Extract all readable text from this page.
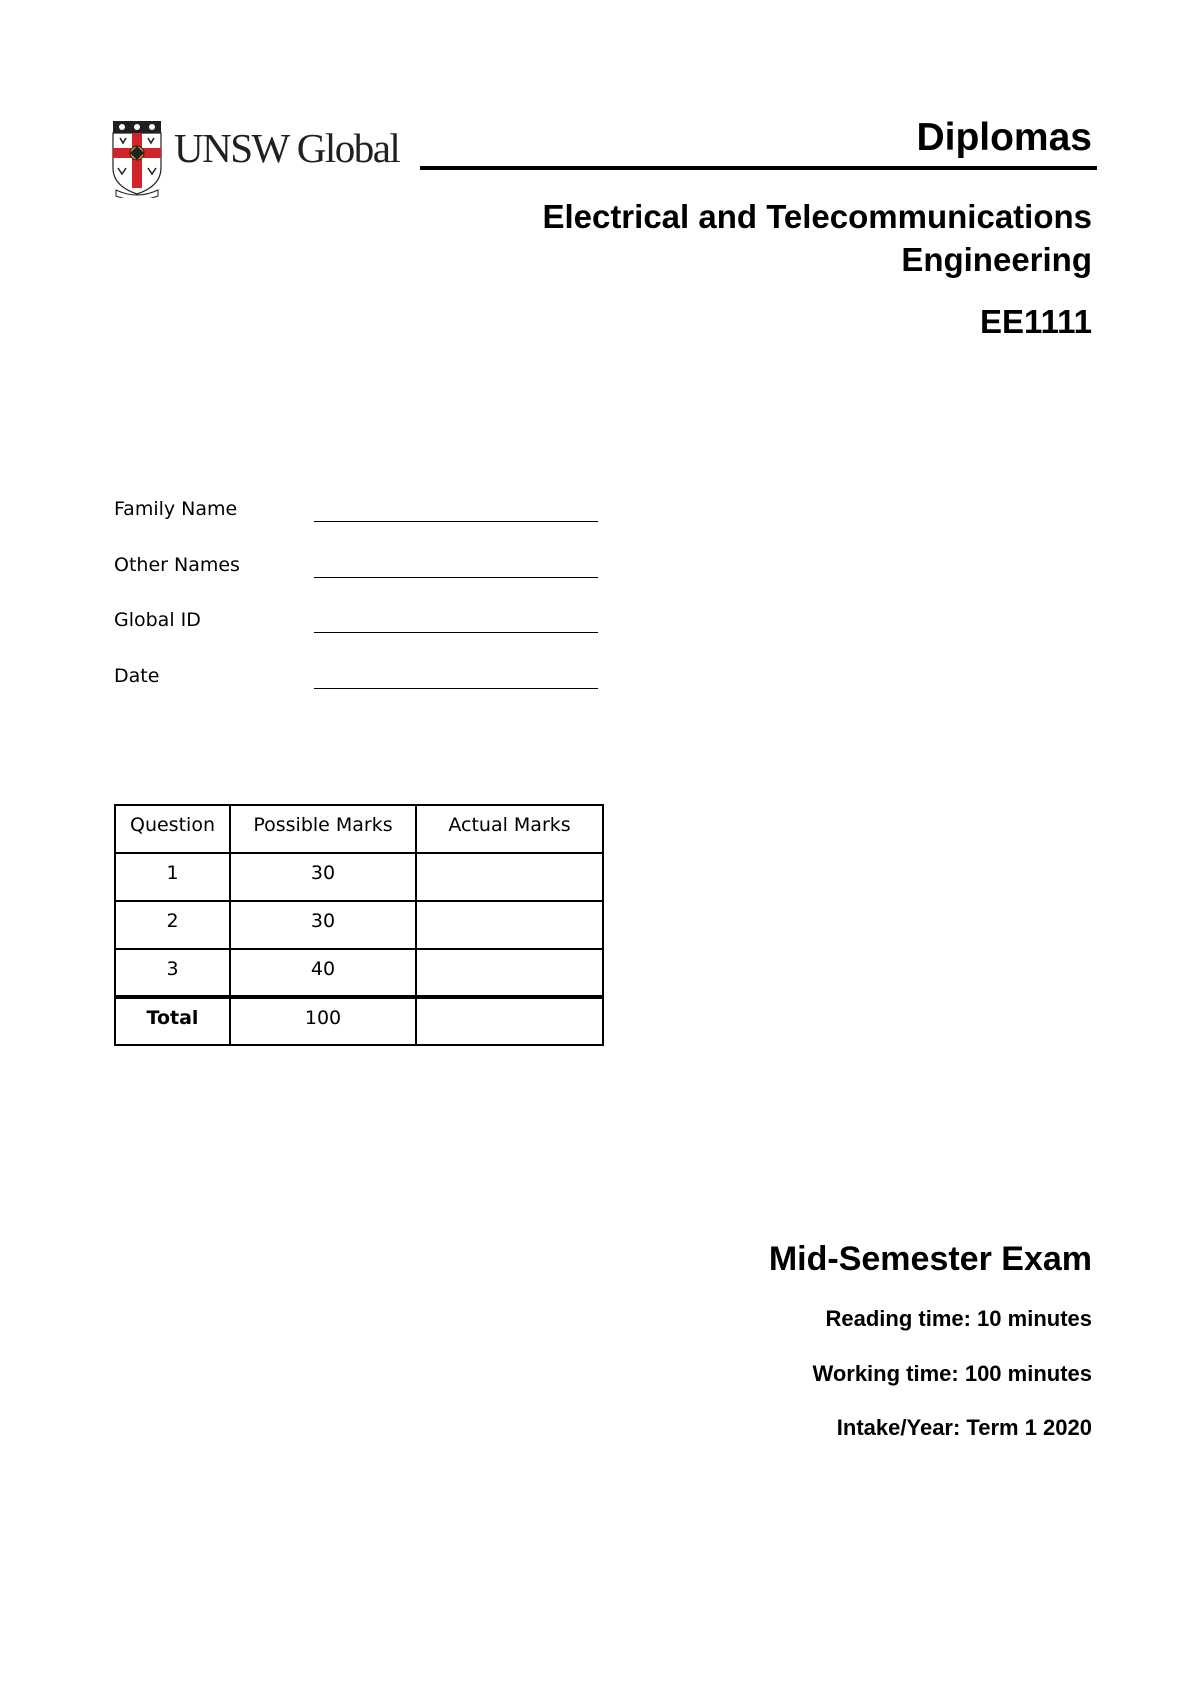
UNSW Global	Diplomas
Electrical and Telecommunications Engineering
EE1111
Family Name
Other Names
Global ID
Date
Question	Possible Marks	Actual Marks
1	30	
2	30	
3	40	
Total	100	
Mid-Semester Exam
Reading time: 10 minutes
Working time: 100 minutes
Intake/Year: Term 1 2020
